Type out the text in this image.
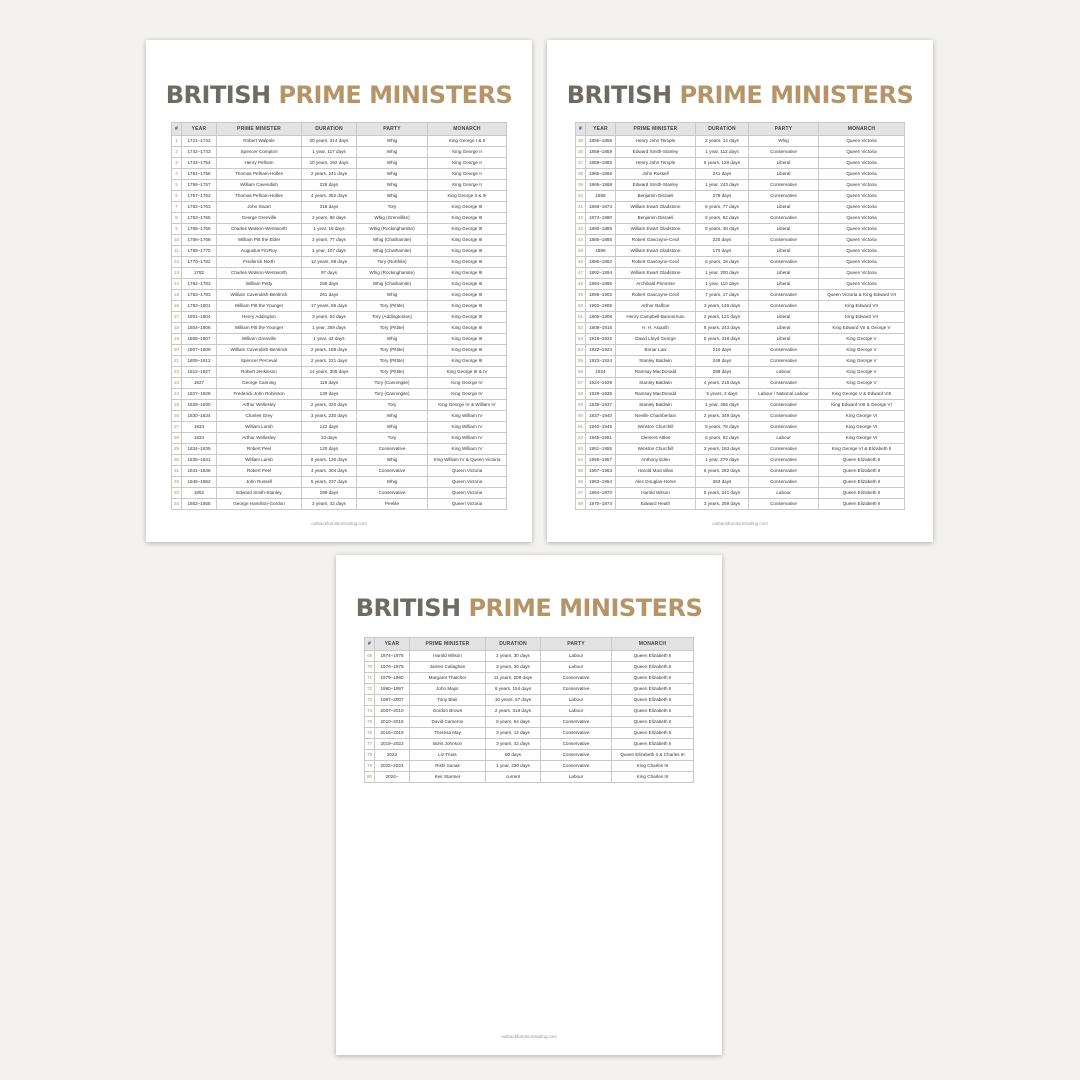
BRITISH PRIME MINISTERS
#	YEAR	PRIME MINISTER	DURATION	PARTY	MONARCH
1	1721–1742	Robert Walpole	20 years, 314 days	Whig	King George I & II
2	1742–1743	Spencer Compton	1 year, 117 days	Whig	King George II
3	1743–1754	Henry Pelham	10 years, 192 days	Whig	King George II
4	1754–1756	Thomas Pelham-Holles	2 years, 241 days	Whig	King George II
5	1756–1757	William Cavendish	226 days	Whig	King George II
6	1757–1762	Thomas Pelham-Holles	4 years, 352 days	Whig	King George II & III
7	1762–1763	John Stuart	318 days	Tory	King George III
8	1763–1765	George Grenville	2 years, 86 days	Whig (Grenvillite)	King George III
9	1765–1766	Charles Watson-Wentworth	1 year, 18 days	Whig (Rockinghamite)	King George III
10	1766–1768	William Pitt the Elder	2 years, 77 days	Whig (Chathamite)	King George III
11	1768–1770	Augustus FitzRoy	1 year, 107 days	Whig (Chathamite)	King George III
12	1770–1782	Frederick North	12 years, 58 days	Tory (Northite)	King George III
13	1782	Charles Watson-Wentworth	97 days	Whig (Rockinghamite)	King George III
14	1782–1783	William Petty	266 days	Whig (Chathamite)	King George III
15	1783–1783	William Cavendish-Bentinck	261 days	Whig	King George III
16	1783–1801	William Pitt the Younger	17 years, 86 days	Tory (Pittite)	King George III
17	1801–1804	Henry Addington	3 years, 54 days	Tory (Addingtonian)	King George III
18	1804–1806	William Pitt the Younger	1 year, 259 days	Tory (Pittite)	King George III
19	1806–1807	William Grenville	1 year, 42 days	Whig	King George III
20	1807–1809	William Cavendish-Bentinck	2 years, 188 days	Tory (Pittite)	King George III
21	1809–1812	Spencer Perceval	2 years, 221 days	Tory (Pittite)	King George III
22	1812–1827	Robert Jenkinson	14 years, 305 days	Tory (Pittite)	King George III & IV
23	1827	George Canning	119 days	Tory (Canningite)	King George IV
24	1827–1828	Frederick John Robinson	130 days	Tory (Canningite)	King George IV
25	1828–1830	Arthur Wellesley	2 years, 320 days	Tory	King George IV & William IV
26	1830–1834	Charles Grey	3 years, 230 days	Whig	King William IV
27	1834	William Lamb	122 days	Whig	King William IV
28	1834	Arthur Wellesley	23 days	Tory	King William IV
29	1834–1835	Robert Peel	120 days	Conservative	King William IV
30	1835–1841	William Lamb	6 years, 130 days	Whig	King William IV & Queen Victoria
31	1841–1846	Robert Peel	4 years, 304 days	Conservative	Queen Victoria
32	1846–1852	John Russell	5 years, 237 days	Whig	Queen Victoria
33	1852	Edward Smith-Stanley	299 days	Conservative	Queen Victoria
34	1852–1855	George Hamilton-Gordon	2 years, 42 days	Peelite	Queen Victoria
outbackfurnituretrading.com
BRITISH PRIME MINISTERS
#	YEAR	PRIME MINISTER	DURATION	PARTY	MONARCH
35	1855–1858	Henry John Temple	2 years, 14 days	Whig	Queen Victoria
36	1858–1859	Edward Smith-Stanley	1 year, 112 days	Conservative	Queen Victoria
37	1859–1865	Henry John Temple	6 years, 129 days	Liberal	Queen Victoria
38	1865–1866	John Russell	241 days	Liberal	Queen Victoria
39	1866–1868	Edward Smith-Stanley	1 year, 243 days	Conservative	Queen Victoria
40	1868	Benjamin Disraeli	279 days	Conservative	Queen Victoria
41	1868–1874	William Ewart Gladstone	5 years, 77 days	Liberal	Queen Victoria
42	1874–1880	Benjamin Disraeli	6 years, 62 days	Conservative	Queen Victoria
43	1880–1885	William Ewart Gladstone	5 years, 48 days	Liberal	Queen Victoria
44	1885–1886	Robert Gascoyne-Cecil	220 days	Conservative	Queen Victoria
45	1886	William Ewart Gladstone	170 days	Liberal	Queen Victoria
46	1886–1892	Robert Gascoyne-Cecil	6 years, 18 days	Conservative	Queen Victoria
47	1892–1894	William Ewart Gladstone	1 year, 200 days	Liberal	Queen Victoria
48	1894–1895	Archibald Primrose	1 year, 110 days	Liberal	Queen Victoria
49	1895–1902	Robert Gascoyne-Cecil	7 years, 17 days	Conservative	Queen Victoria & King Edward VII
50	1902–1905	Arthur Balfour	3 years, 146 days	Conservative	King Edward VII
51	1905–1908	Henry Campbell-Bannerman	2 years, 121 days	Liberal	King Edward VII
52	1908–1916	H. H. Asquith	8 years, 243 days	Liberal	King Edward VII & George V
53	1916–1922	David Lloyd George	5 years, 318 days	Liberal	King George V
54	1922–1923	Bonar Law	210 days	Conservative	King George V
55	1923–1924	Stanley Baldwin	248 days	Conservative	King George V
56	1924	Ramsay MacDonald	288 days	Labour	King George V
57	1924–1929	Stanley Baldwin	4 years, 215 days	Conservative	King George V
58	1929–1935	Ramsay MacDonald	6 years, 3 days	Labour / National Labour	King George V & Edward VIII
59	1935–1937	Stanley Baldwin	1 year, 356 days	Conservative	King Edward VIII & George VI
60	1937–1940	Neville Chamberlain	2 years, 349 days	Conservative	King George VI
61	1940–1945	Winston Churchill	5 years, 78 days	Conservative	King George VI
62	1945–1951	Clement Attlee	6 years, 92 days	Labour	King George VI
63	1951–1955	Winston Churchill	3 years, 163 days	Conservative	King George VI & Elizabeth II
64	1955–1957	Anthony Eden	1 year, 279 days	Conservative	Queen Elizabeth II
65	1957–1963	Harold Macmillan	6 years, 282 days	Conservative	Queen Elizabeth II
66	1963–1964	Alec Douglas-Home	363 days	Conservative	Queen Elizabeth II
67	1964–1970	Harold Wilson	5 years, 241 days	Labour	Queen Elizabeth II
68	1970–1974	Edward Heath	3 years, 259 days	Conservative	Queen Elizabeth II
outbackfurnituretrading.com
BRITISH PRIME MINISTERS
#	YEAR	PRIME MINISTER	DURATION	PARTY	MONARCH
69	1974–1976	Harold Wilson	2 years, 30 days	Labour	Queen Elizabeth II
70	1976–1979	James Callaghan	3 years, 30 days	Labour	Queen Elizabeth II
71	1979–1990	Margaret Thatcher	11 years, 209 days	Conservative	Queen Elizabeth II
72	1990–1997	John Major	6 years, 154 days	Conservative	Queen Elizabeth II
73	1997–2007	Tony Blair	10 years, 57 days	Labour	Queen Elizabeth II
74	2007–2010	Gordon Brown	2 years, 319 days	Labour	Queen Elizabeth II
75	2010–2016	David Cameron	6 years, 64 days	Conservative	Queen Elizabeth II
76	2016–2019	Theresa May	3 years, 12 days	Conservative	Queen Elizabeth II
77	2019–2022	Boris Johnson	3 years, 42 days	Conservative	Queen Elizabeth II
78	2022	Liz Truss	50 days	Conservative	Queen Elizabeth II & Charles III
79	2022–2024	Rishi Sunak	1 year, 230 days	Conservative	King Charles III
80	2024–	Keir Starmer	current	Labour	King Charles III
outbackfurnituretrading.com
